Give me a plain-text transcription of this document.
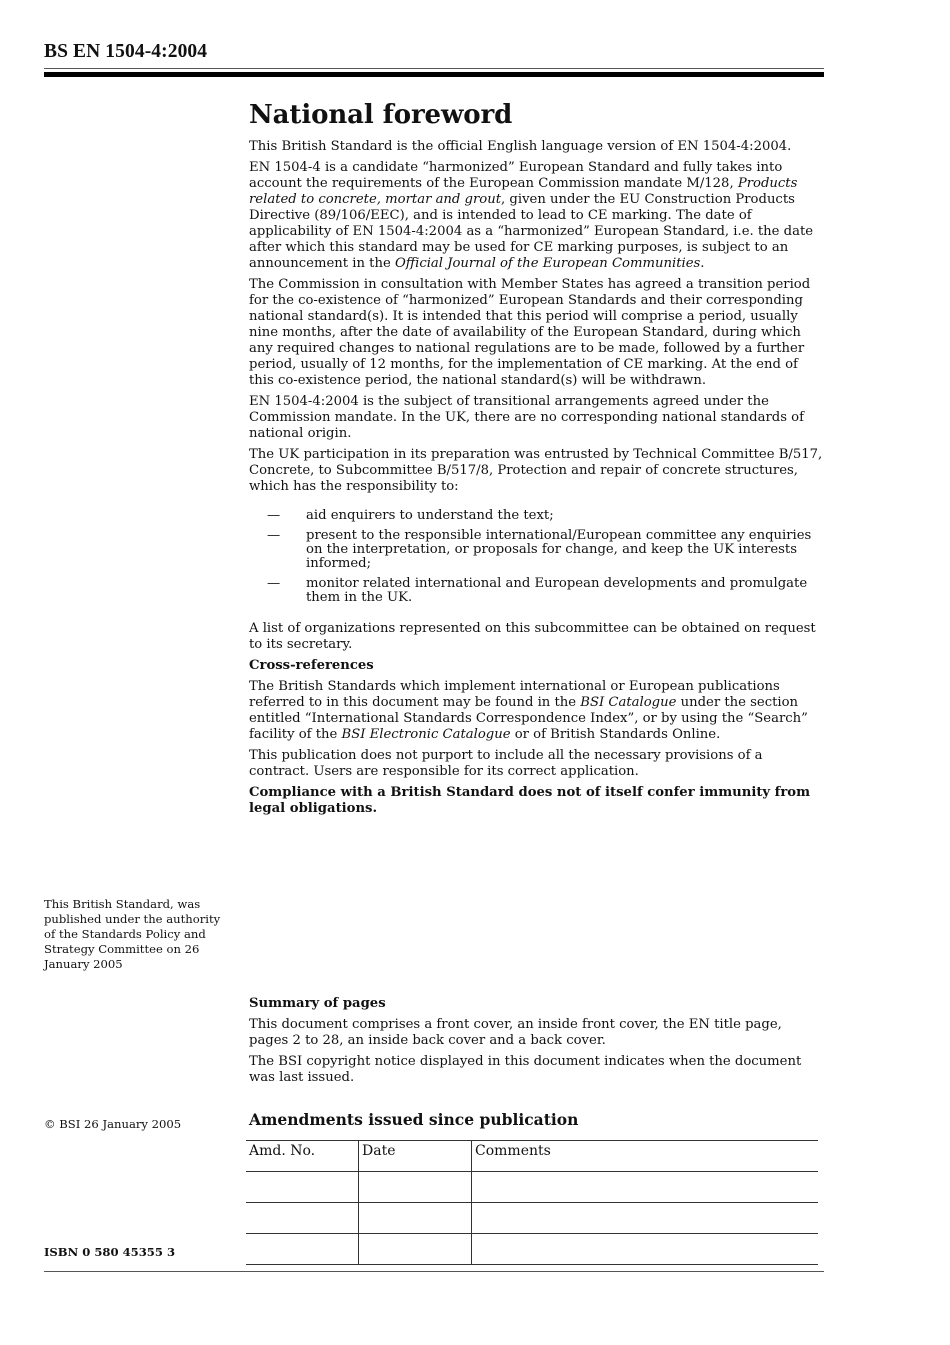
BS EN 1504-4:2004
National foreword

This British Standard is the official English language version of EN 1504-4:2004.

EN 1504-4 is a candidate “harmonized” European Standard and fully takes into account the requirements of the European Commission mandate M/128, Products related to concrete, mortar and grout, given under the EU Construction Products Directive (89/106/EEC), and is intended to lead to CE marking. The date of applicability of EN 1504-4:2004 as a “harmonized” European Standard, i.e. the date after which this standard may be used for CE marking purposes, is subject to an announcement in the Official Journal of the European Communities.

The Commission in consultation with Member States has agreed a transition period for the co-existence of “harmonized” European Standards and their corresponding national standard(s). It is intended that this period will comprise a period, usually nine months, after the date of availability of the European Standard, during which any required changes to national regulations are to be made, followed by a further period, usually of 12 months, for the implementation of CE marking. At the end of this co-existence period, the national standard(s) will be withdrawn.

EN 1504-4:2004 is the subject of transitional arrangements agreed under the Commission mandate. In the UK, there are no corresponding national standards of national origin.

The UK participation in its preparation was entrusted by Technical Committee B/517, Concrete, to Subcommittee B/517/8, Protection and repair of concrete structures, which has the responsibility to:

— aid enquirers to understand the text;
— present to the responsible international/European committee any enquiries on the interpretation, or proposals for change, and keep the UK interests informed;
— monitor related international and European developments and promulgate them in the UK.

A list of organizations represented on this subcommittee can be obtained on request to its secretary.

Cross-references

The British Standards which implement international or European publications referred to in this document may be found in the BSI Catalogue under the section entitled “International Standards Correspondence Index”, or by using the “Search” facility of the BSI Electronic Catalogue or of British Standards Online.

This publication does not purport to include all the necessary provisions of a contract. Users are responsible for its correct application.

Compliance with a British Standard does not of itself confer immunity from legal obligations.

This British Standard, was published under the authority of the Standards Policy and Strategy Committee on 26 January 2005
© BSI 26 January 2005
ISBN 0 580 45355 3

Summary of pages

This document comprises a front cover, an inside front cover, the EN title page, pages 2 to 28, an inside back cover and a back cover.

The BSI copyright notice displayed in this document indicates when the document was last issued.

Amendments issued since publication
Amd. No.	Date	Comments
